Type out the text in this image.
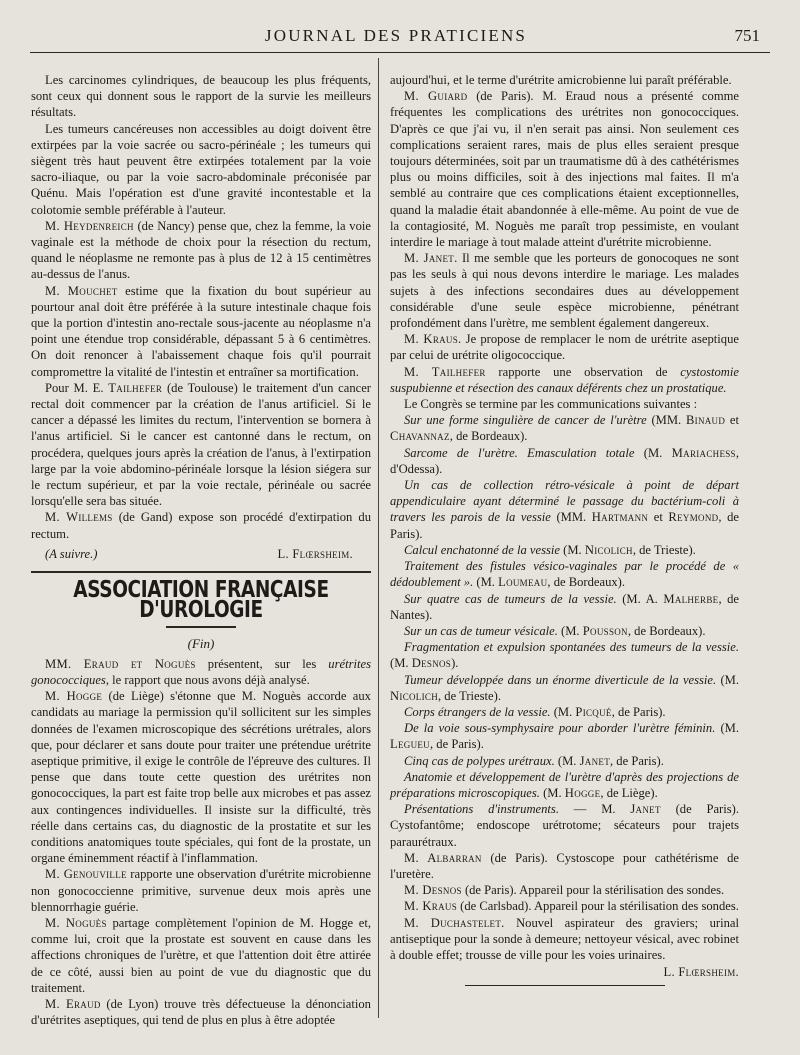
JOURNAL DES PRATICIENS	751

Les carcinomes cylindriques, de beaucoup les plus fréquents, sont ceux qui donnent sous le rapport de la survie les meilleurs résultats.

Les tumeurs cancéreuses non accessibles au doigt doivent être extirpées par la voie sacrée ou sacro-périnéale ; les tumeurs qui siègent très haut peuvent être extirpées totalement par la voie sacro-iliaque, ou par la voie sacro-abdominale préconisée par Quénu. Mais l'opération est d'une gravité incontestable et la colotomie semble préférable à l'auteur.

M. Heydenreich (de Nancy) pense que, chez la femme, la voie vaginale est la méthode de choix pour la résection du rectum, quand le néoplasme ne remonte pas à plus de 12 à 15 centimètres au-dessus de l'anus.

M. Mouchet estime que la fixation du bout supérieur au pourtour anal doit être préférée à la suture intestinale chaque fois que la portion d'intestin ano-rectale sous-jacente au néoplasme n'a point une étendue trop considérable, dépassant 5 à 6 centimètres. On doit renoncer à l'abaissement chaque fois qu'il pourrait compromettre la vitalité de l'intestin et entraîner sa mortification.

Pour M. E. Tailhefer (de Toulouse) le traitement d'un cancer rectal doit commencer par la création de l'anus artificiel. Si le cancer a dépassé les limites du rectum, l'intervention se bornera à l'anus artificiel. Si le cancer est cantonné dans le rectum, on procédera, quelques jours après la création de l'anus, à l'extirpation large par la voie abdomino-périnéale lorsque la lésion siégera sur le rectum supérieur, et par la voie rectale, périnéale ou sacrée lorsqu'elle sera bas située.

M. Willems (de Gand) expose son procédé d'extirpation du rectum.

(A suivre.)	L. Flœrsheim.
ASSOCIATION FRANÇAISE D'UROLOGIE
(Fin)

MM. Eraud et Noguès présentent, sur les urétrites gonococciques, le rapport que nous avons déjà analysé.

M. Hogge (de Liège) s'étonne que M. Noguès accorde aux candidats au mariage la permission qu'il sollicitent sur les simples données de l'examen microscopique des sécrétions urétrales, alors que, pour déclarer et sans doute pour traiter une prétendue urétrite aseptique primitive, il exige le contrôle de l'épreuve des cultures. Il pense que dans toute cette question des urétrites non gonococciques, la part est faite trop belle aux microbes et pas assez aux contingences individuelles. Il insiste sur la difficulté, très réelle dans certains cas, du diagnostic de la prostatite et sur les conditions anatomiques toute spéciales, qui font de la prostate, un organe éminemment réactif à l'inflammation.

M. Genouville rapporte une observation d'urétrite microbienne non gonococcienne primitive, survenue deux mois après une blennorrhagie guérie.

M. Noguès partage complètement l'opinion de M. Hogge et, comme lui, croit que la prostate est souvent en cause dans les affections chroniques de l'urètre, et que l'attention doit être attirée de ce côté, aussi bien au point de vue du diagnostic que du traitement.

M. Eraud (de Lyon) trouve très défectueuse la dénonciation d'urétrites aseptiques, qui tend de plus en plus à être adoptée

aujourd'hui, et le terme d'urétrite amicrobienne lui paraît préférable.

M. Guiard (de Paris). M. Eraud nous a présenté comme fréquentes les complications des urétrites non gonococciques. D'après ce que j'ai vu, il n'en serait pas ainsi. Non seulement ces complications seraient rares, mais de plus elles seraient presque toujours déterminées, soit par un traumatisme dû à des cathétérismes plus ou moins difficiles, soit à des injections mal faites. Il m'a semblé au contraire que ces complications étaient exceptionnelles, quand la maladie était abandonnée à elle-même. Au point de vue de la contagiosité, M. Noguès me paraît trop pessimiste, en voulant interdire le mariage à tout malade atteint d'urétrite microbienne.

M. Janet. Il me semble que les porteurs de gonocoques ne sont pas les seuls à qui nous devons interdire le mariage. Les malades sujets à des infections secondaires dues au développement considérable d'une seule espèce microbienne, pénétrant profondément dans l'urètre, me semblent également dangereux.

M. Kraus. Je propose de remplacer le nom de urétrite aseptique par celui de urétrite oligococcique.

M. Tailhefer rapporte une observation de cystostomie suspubienne et résection des canaux déférents chez un prostatique.

Le Congrès se termine par les communications suivantes :

Sur une forme singulière de cancer de l'urètre (MM. Binaud et Chavannaz, de Bordeaux).

Sarcome de l'urètre. Emasculation totale (M. Mariachess, d'Odessa).

Un cas de collection rétro-vésicale à point de départ appendiculaire ayant déterminé le passage du bactérium-coli à travers les parois de la vessie (MM. Hartmann et Reymond, de Paris).

Calcul enchatonné de la vessie (M. Nicolich, de Trieste).

Traitement des fistules vésico-vaginales par le procédé de « dédoublement ». (M. Loumeau, de Bordeaux).

Sur quatre cas de tumeurs de la vessie. (M. A. Malherbe, de Nantes).

Sur un cas de tumeur vésicale. (M. Pousson, de Bordeaux).

Fragmentation et expulsion spontanées des tumeurs de la vessie. (M. Desnos).

Tumeur développée dans un énorme diverticule de la vessie. (M. Nicolich, de Trieste).

Corps étrangers de la vessie. (M. Picqué, de Paris).

De la voie sous-symphysaire pour aborder l'urètre féminin. (M. Legueu, de Paris).

Cinq cas de polypes urétraux. (M. Janet, de Paris).

Anatomie et développement de l'urètre d'après des projections de préparations microscopiques. (M. Hogge, de Liège).

Présentations d'instruments. — M. Janet (de Paris). Cystofantôme; endoscope urétrotome; sécateurs pour trajets paraurétraux.

M. Albarran (de Paris). Cystoscope pour cathétérisme de l'uretère.

M. Desnos (de Paris). Appareil pour la stérilisation des sondes.

M. Kraus (de Carlsbad). Appareil pour la stérilisation des sondes.

M. Duchastelet. Nouvel aspirateur des graviers; urinal antiseptique pour la sonde à demeure; nettoyeur vésical, avec robinet à double effet; trousse de ville pour les voies urinaires.

L. Flœrsheim.
